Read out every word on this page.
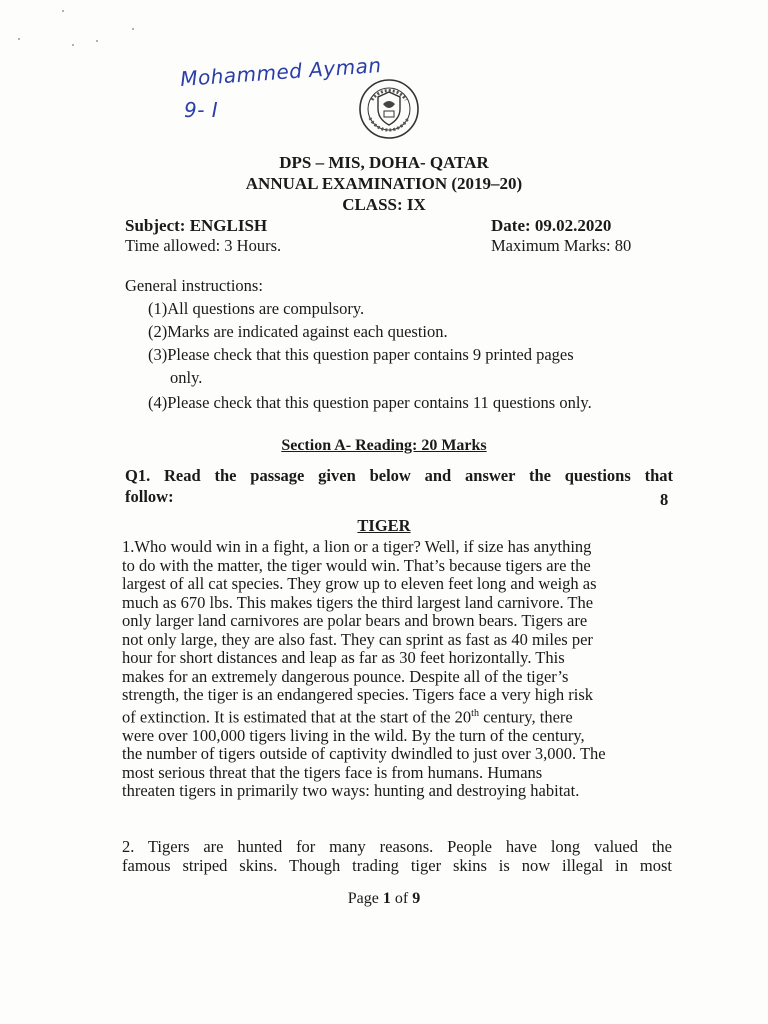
Mohammed Ayman
9- I
DPS – MIS, DOHA- QATAR
ANNUAL EXAMINATION (2019–20)
CLASS: IX
Subject: ENGLISH	Date: 09.02.2020
Time allowed: 3 Hours.	Maximum Marks: 80
General instructions:
(1)All questions are compulsory.
(2)Marks are indicated against each question.
(3)Please check that this question paper contains 9 printed pages
only.
(4)Please check that this question paper contains 11 questions only.
Section A- Reading: 20 Marks
Q1. Read the passage given below and answer the questions that
follow:	8
TIGER

1.Who would win in a fight, a lion or a tiger? Well, if size has anything

to do with the matter, the tiger would win. That’s because tigers are the

largest of all cat species. They grow up to eleven feet long and weigh as

much as 670 lbs. This makes tigers the third largest land carnivore. The

only larger land carnivores are polar bears and brown bears. Tigers are

not only large, they are also fast. They can sprint as fast as 40 miles per

hour for short distances and leap as far as 30 feet horizontally. This

makes for an extremely dangerous pounce. Despite all of the tiger’s

strength, the tiger is an endangered species. Tigers face a very high risk

of extinction. It is estimated that at the start of the 20th century, there

were over 100,000 tigers living in the wild. By the turn of the century,

the number of tigers outside of captivity dwindled to just over 3,000. The

most serious threat that the tigers face is from humans. Humans

threaten tigers in primarily two ways: hunting and destroying habitat.

2. Tigers are hunted for many reasons. People have long valued the

famous striped skins. Though trading tiger skins is now illegal in most

Page 1 of 9
